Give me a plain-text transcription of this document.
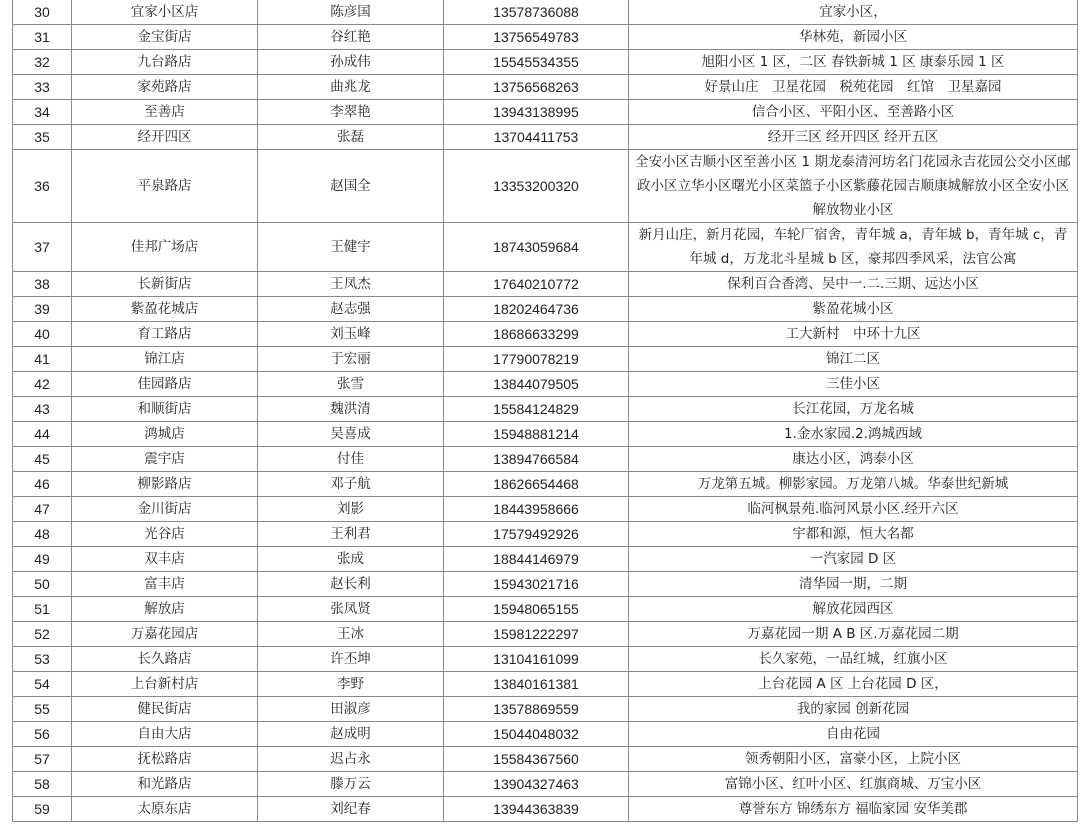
30	宜家小区店	陈彦国	13578736088	宜家小区，
31	金宝街店	谷红艳	13756549783	华林苑，新园小区
32	九台路店	孙成伟	15545534355	旭阳小区 1 区，二区 春铁新城 1 区 康泰乐园 1 区
33	家苑路店	曲兆龙	13756568263	好景山庄　卫星花园　税苑花园　红馆　卫星嘉园
34	至善店	李翠艳	13943138995	信合小区、平阳小区、至善路小区
35	经开四区	张磊	13704411753	经开三区 经开四区 经开五区
36	平泉路店	赵国全	13353200320	全安小区吉顺小区至善小区 1 期龙泰清河坊名门花园永吉花园公交小区邮政小区立华小区曙光小区菜篮子小区紫藤花园吉顺康城解放小区全安小区解放物业小区
37	佳邦广场店	王健宇	18743059684	新月山庄，新月花园，车轮厂宿舍，青年城 a，青年城 b，青年城 c，青年城 d，万龙北斗星城 b 区，豪邦四季风采，法官公寓
38	长新街店	王凤杰	17640210772	保利百合香湾、吴中一.二.三期、远达小区
39	紫盈花城店	赵志强	18202464736	紫盈花城小区
40	育工路店	刘玉峰	18686633299	工大新村　中环十九区
41	锦江店	于宏丽	17790078219	锦江二区
42	佳园路店	张雪	13844079505	三佳小区
43	和顺街店	魏洪清	15584124829	长江花园，万龙名城
44	鸿城店	吴喜成	15948881214	1.金水家园.2.鸿城西域
45	震宇店	付佳	13894766584	康达小区，鸿泰小区
46	柳影路店	邓子航	18626654468	万龙第五城。柳影家园。万龙第八城。华泰世纪新城
47	金川街店	刘影	18443958666	临河枫景苑.临河风景小区.经开六区
48	光谷店	王利君	17579492926	宇都和源，恒大名都
49	双丰店	张成	18844146979	一汽家园 D 区
50	富丰店	赵长利	15943021716	清华园一期，二期
51	解放店	张凤贤	15948065155	解放花园西区
52	万嘉花园店	王冰	15981222297	万嘉花园一期 A B 区.万嘉花园二期
53	长久路店	许丕坤	13104161099	长久家苑，一品红城，红旗小区
54	上台新村店	李野	13840161381	上台花园 A 区 上台花园 D 区，
55	健民街店	田淑彦	13578869559	我的家园 创新花园
56	自由大店	赵成明	15044048032	自由花园
57	抚松路店	迟占永	15584367560	领秀朝阳小区，富豪小区，上院小区
58	和光路店	滕万云	13904327463	富锦小区、红叶小区、红旗商城、万宝小区
59	太原东店	刘纪春	13944363839	尊誉东方 锦绣东方 福临家园 安华美郡
